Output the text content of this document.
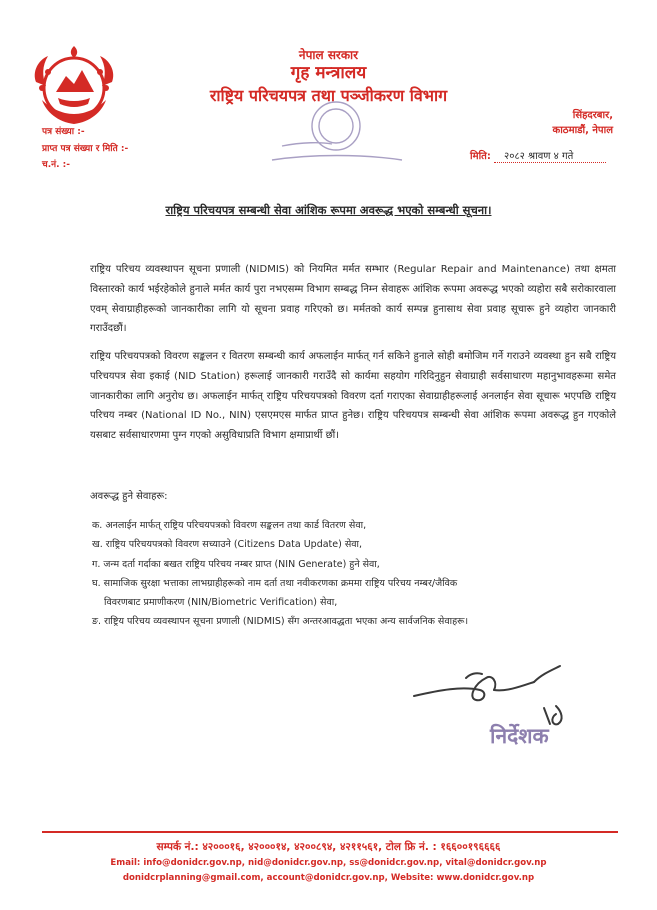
नेपाल सरकार
गृह मन्त्रालय
राष्ट्रिय परिचयपत्र तथा पञ्जीकरण विभाग
सिंहदरबार,
काठमाडौं, नेपाल
पत्र संख्या :-
प्राप्त पत्र संख्या र मिति :-
च.नं. :-
मिति: २०८२ श्रावण ४ गते
राष्ट्रिय परिचयपत्र सम्बन्धी सेवा आंशिक रूपमा अवरूद्ध भएको सम्बन्धी सूचना।

राष्ट्रिय परिचय व्यवस्थापन सूचना प्रणाली (NIDMIS) को नियमित मर्मत सम्भार (Regular Repair and Maintenance) तथा क्षमता विस्तारको कार्य भईरहेकोले हुनाले मर्मत कार्य पुरा नभएसम्म विभाग सम्बद्ध निम्न सेवाहरू आंशिक रूपमा अवरूद्ध भएको व्यहोरा सबै सरोकारवाला एवम् सेवाग्राहीहरूको जानकारीका लागि यो सूचना प्रवाह गरिएको छ। मर्मतको कार्य सम्पन्न हुनासाथ सेवा प्रवाह सूचारू हुने व्यहोरा जानकारी गराउँदछौं।

राष्ट्रिय परिचयपत्रको विवरण सङ्कलन र वितरण सम्बन्धी कार्य अफलाईन मार्फत् गर्न सकिने हुनाले सोही बमोजिम गर्ने गराउने व्यवस्था हुन सबै राष्ट्रिय परिचयपत्र सेवा इकाई (NID Station) हरूलाई जानकारी गराउँदै सो कार्यमा सहयोग गरिदिनुहुन सेवाग्राही सर्वसाधारण महानुभावहरूमा समेत जानकारीका लागि अनुरोध छ। अफलाईन मार्फत् राष्ट्रिय परिचयपत्रको विवरण दर्ता गराएका सेवाग्राहीहरूलाई अनलाईन सेवा सूचारू भएपछि राष्ट्रिय परिचय नम्बर (National ID No., NIN) एसएमएस मार्फत प्राप्त हुनेछ। राष्ट्रिय परिचयपत्र सम्बन्धी सेवा आंशिक रूपमा अवरूद्ध हुन गएकोले यसबाट सर्वसाधारणमा पुग्न गएको असुविधाप्रति विभाग क्षमाप्रार्थी छौं।

अवरूद्ध हुने सेवाहरू:
क. अनलाईन मार्फत् राष्ट्रिय परिचयपत्रको विवरण सङ्कलन तथा कार्ड वितरण सेवा,
ख. राष्ट्रिय परिचयपत्रको विवरण सच्याउने (Citizens Data Update) सेवा,
ग. जन्म दर्ता गर्दाका बखत राष्ट्रिय परिचय नम्बर प्राप्त (NIN Generate) हुने सेवा,
घ. सामाजिक सुरक्षा भत्ताका लाभग्राहीहरूको नाम दर्ता तथा नवीकरणका क्रममा राष्ट्रिय परिचय नम्बर/जैविक
विवरणबाट प्रमाणीकरण (NIN/Biometric Verification) सेवा,
ङ. राष्ट्रिय परिचय व्यवस्थापन सूचना प्रणाली (NIDMIS) सँग अन्तरआवद्धता भएका अन्य सार्वजनिक सेवाहरू।
निर्देशक
सम्पर्क नं.: ४२०००१६, ४२०००१४, ४२००८९४, ४२११५६१, टोल फ्रि नं. : १६६००१९६६६६
Email: info@donidcr.gov.np, nid@donidcr.gov.np, ss@donidcr.gov.np, vital@donidcr.gov.np
donidcrplanning@gmail.com, account@donidcr.gov.np, Website: www.donidcr.gov.np
